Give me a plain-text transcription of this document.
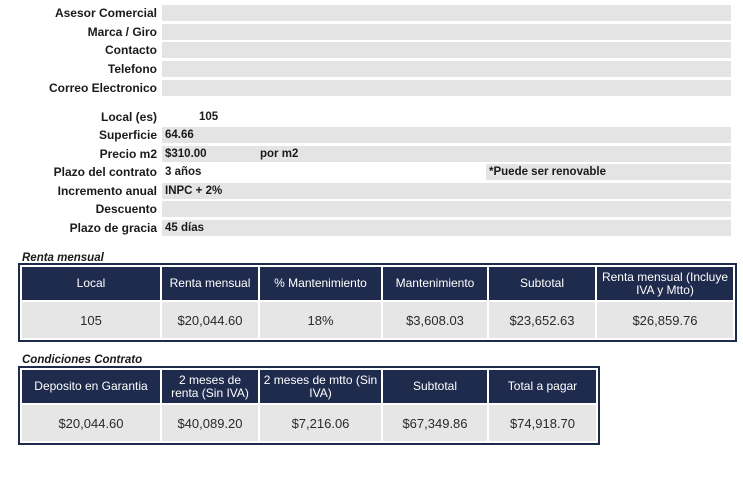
Asesor Comercial
Marca / Giro
Contacto
Telefono
Correo Electronico
Local (es)	105
Superficie 64.66
Precio m2 $310.00	por m2
Plazo del contrato 3 años	*Puede ser renovable
Incremento anual INPC + 2%
Descuento
Plazo de gracia 45 días
Renta mensual
Local	Renta mensual	% Mantenimiento	Mantenimiento	Subtotal	Renta mensual (Incluye IVA y Mtto)
105	$20,044.60	18%	$3,608.03	$23,652.63	$26,859.76
Condiciones Contrato
Deposito en Garantia	2 meses de renta (Sin IVA)	2 meses de mtto (Sin IVA)	Subtotal	Total a pagar
$20,044.60	$40,089.20	$7,216.06	$67,349.86	$74,918.70
